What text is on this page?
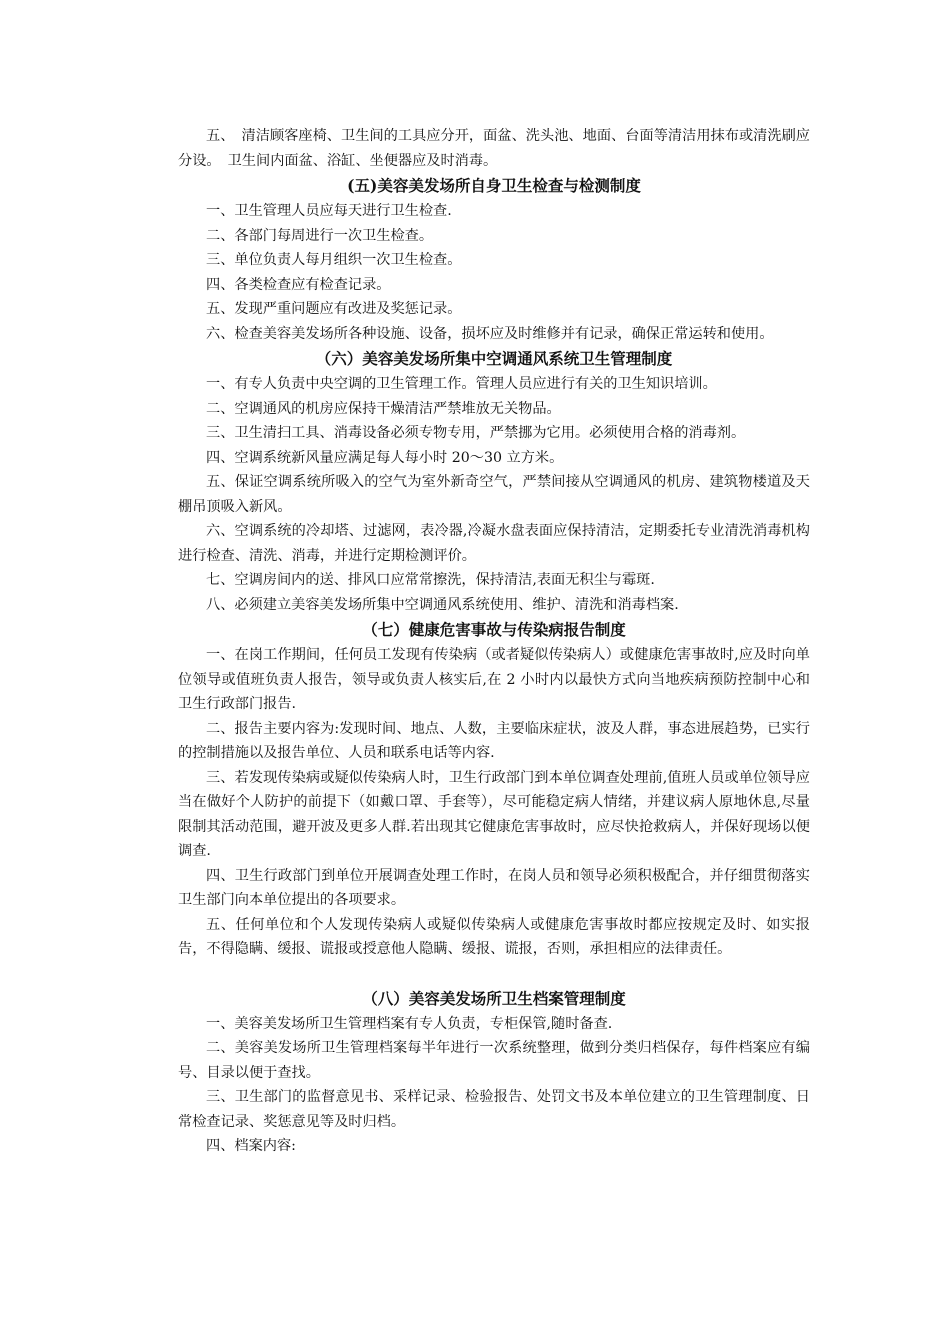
五、　清洁顾客座椅、卫生间的工具应分开，面盆、洗头池、地面、台面等清洁用抹布或清洗刷应分设。　卫生间内面盆、浴缸、坐便器应及时消毒。

(五)美容美发场所自身卫生检查与检测制度

一、卫生管理人员应每天进行卫生检查.

二、各部门每周进行一次卫生检查。

三、单位负责人每月组织一次卫生检查。

四、各类检查应有检查记录。

五、发现严重问题应有改进及奖惩记录。

六、检查美容美发场所各种设施、设备，损坏应及时维修并有记录，确保正常运转和使用。

（六）美容美发场所集中空调通风系统卫生管理制度

一、有专人负责中央空调的卫生管理工作。管理人员应进行有关的卫生知识培训。

二、空调通风的机房应保持干燥清洁严禁堆放无关物品。

三、卫生清扫工具、消毒设备必须专物专用，严禁挪为它用。必须使用合格的消毒剂。

四、空调系统新风量应满足每人每小时 20～30 立方米。

五、保证空调系统所吸入的空气为室外新奇空气，严禁间接从空调通风的机房、建筑物楼道及天棚吊顶吸入新风。

六、空调系统的冷却塔、过滤网，表冷器,冷凝水盘表面应保持清洁，定期委托专业清洗消毒机构进行检查、清洗、消毒，并进行定期检测评价。

七、空调房间内的送、排风口应常常擦洗，保持清洁,表面无积尘与霉斑.

八、必须建立美容美发场所集中空调通风系统使用、维护、清洗和消毒档案.

（七）健康危害事故与传染病报告制度

一、在岗工作期间，任何员工发现有传染病（或者疑似传染病人）或健康危害事故时,应及时向单位领导或值班负责人报告，领导或负责人核实后,在 2 小时内以最快方式向当地疾病预防控制中心和卫生行政部门报告.

二、报告主要内容为:发现时间、地点、人数，主要临床症状，波及人群，事态进展趋势，已实行的控制措施以及报告单位、人员和联系电话等内容.

三、若发现传染病或疑似传染病人时，卫生行政部门到本单位调查处理前,值班人员或单位领导应当在做好个人防护的前提下（如戴口罩、手套等），尽可能稳定病人情绪，并建议病人原地休息,尽量限制其活动范围，避开波及更多人群.若出现其它健康危害事故时，应尽快抢救病人，并保好现场以便调查.

四、卫生行政部门到单位开展调查处理工作时，在岗人员和领导必须积极配合，并仔细贯彻落实卫生部门向本单位提出的各项要求。

五、任何单位和个人发现传染病人或疑似传染病人或健康危害事故时都应按规定及时、如实报告，不得隐瞒、缓报、谎报或授意他人隐瞒、缓报、谎报，否则，承担相应的法律责任。

（八）美容美发场所卫生档案管理制度

一、美容美发场所卫生管理档案有专人负责，专柜保管,随时备查.

二、美容美发场所卫生管理档案每半年进行一次系统整理，做到分类归档保存，每件档案应有编号、目录以便于查找。

三、卫生部门的监督意见书、采样记录、检验报告、处罚文书及本单位建立的卫生管理制度、日常检查记录、奖惩意见等及时归档。

四、档案内容:
